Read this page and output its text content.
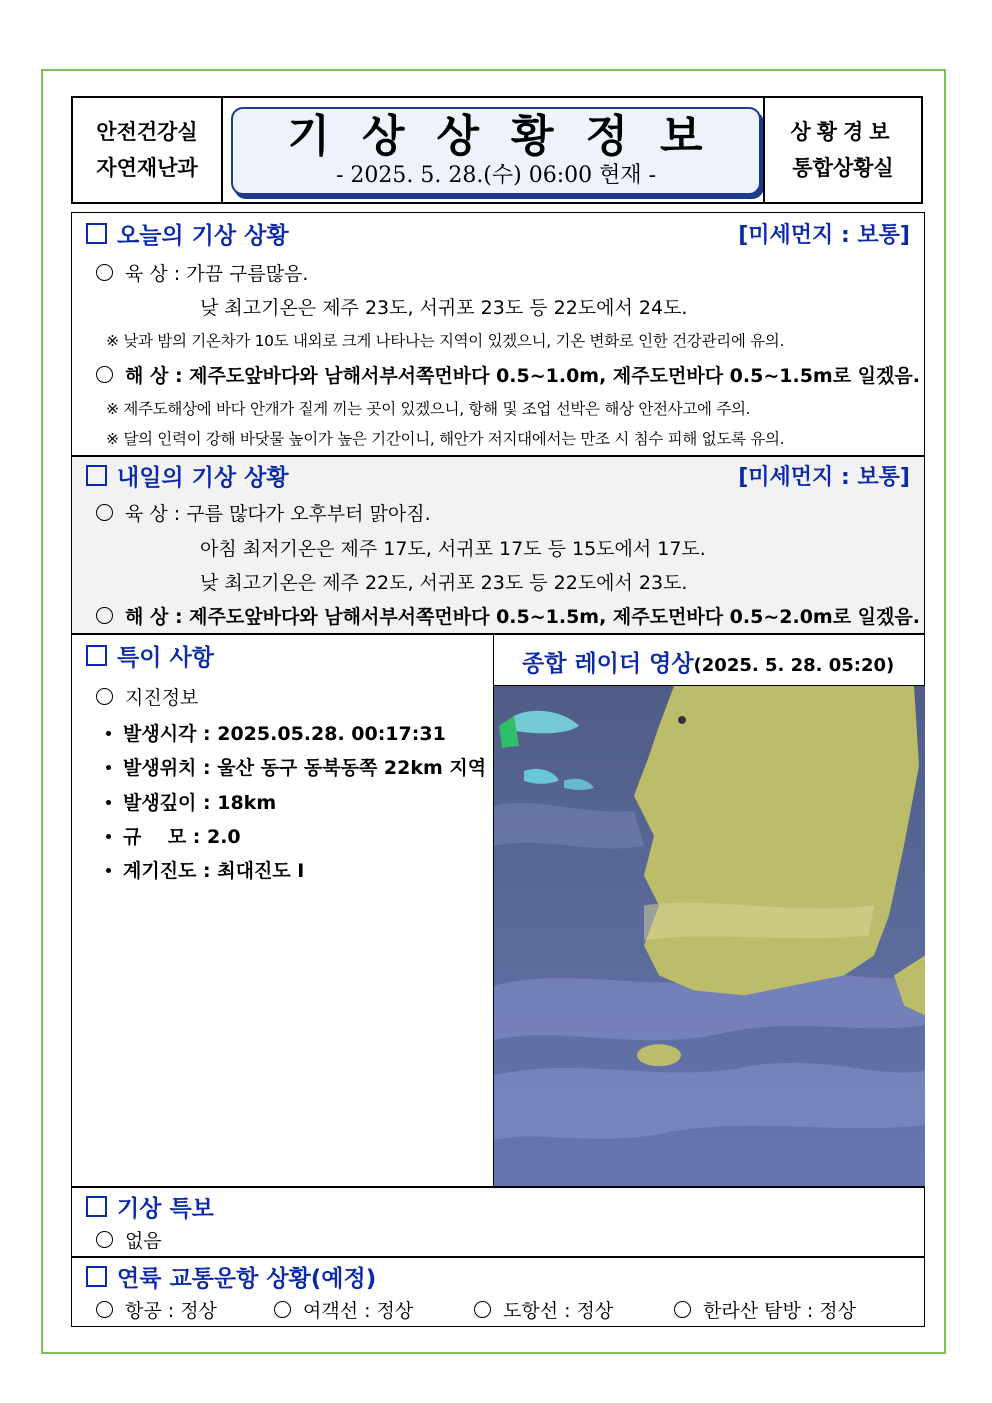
안전건강실
자연재난과
기상상황정보
- 2025. 5. 28.(수) 06:00 현재 -
상황경보
통합상황실
오늘의 기상 상황	[미세먼지 : 보통]
육 상 : 가끔 구름많음.
낮 최고기온은 제주 23도, 서귀포 23도 등 22도에서 24도.
※ 낮과 밤의 기온차가 10도 내외로 크게 나타나는 지역이 있겠으니, 기온 변화로 인한 건강관리에 유의.
해 상 : 제주도앞바다와 남해서부서쪽먼바다 0.5~1.0m, 제주도먼바다 0.5~1.5m로 일겠음.
※ 제주도해상에 바다 안개가 짙게 끼는 곳이 있겠으니, 항해 및 조업 선박은 해상 안전사고에 주의.
※ 달의 인력이 강해 바닷물 높이가 높은 기간이니, 해안가 저지대에서는 만조 시 침수 피해 없도록 유의.
내일의 기상 상황	[미세먼지 : 보통]
육 상 : 구름 많다가 오후부터 맑아짐.
아침 최저기온은 제주 17도, 서귀포 17도 등 15도에서 17도.
낮 최고기온은 제주 22도, 서귀포 23도 등 22도에서 23도.
해 상 : 제주도앞바다와 남해서부서쪽먼바다 0.5~1.5m, 제주도먼바다 0.5~2.0m로 일겠음.
특이 사항
지진정보
발생시각 : 2025.05.28. 00:17:31
발생위치 : 울산 동구 동북동쪽 22km 지역
발생깊이 : 18km
규    모 : 2.0
계기진도 : 최대진도 Ⅰ
종합 레이더 영상(2025. 5. 28. 05:20)
기상 특보
없음
연륙 교통운항 상황(예정)
항공 : 정상	여객선 : 정상	도항선 : 정상	한라산 탐방 : 정상
